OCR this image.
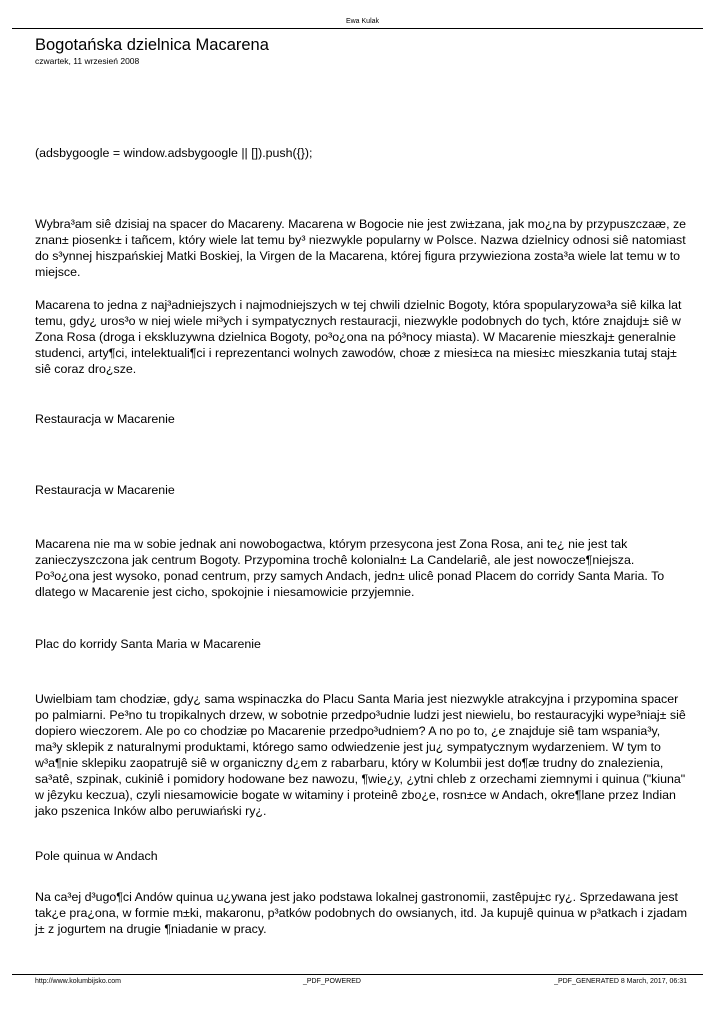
Ewa Kulak
Bogotańska dzielnica Macarena
czwartek, 11 wrzesień 2008

(adsbygoogle = window.adsbygoogle || []).push({});

Wybra³am siê dzisiaj na spacer do Macareny. Macarena w Bogocie nie jest zwi±zana, jak mo¿na by przypuszczaæ, ze znan± piosenk± i tañcem, który wiele lat temu by³ niezwykle popularny w Polsce. Nazwa dzielnicy odnosi siê natomiast do s³ynnej hiszpańskiej Matki Boskiej, la Virgen de la Macarena, której figura przywieziona zosta³a wiele lat temu w to miejsce.

Macarena to jedna z naj³adniejszych i najmodniejszych w tej chwili dzielnic Bogoty, która spopularyzowa³a siê kilka lat temu, gdy¿ uros³o w niej wiele mi³ych i sympatycznych restauracji, niezwykle podobnych do tych, które znajduj± siê w Zona Rosa (droga i ekskluzywna dzielnica Bogoty, po³o¿ona na pó³nocy miasta). W Macarenie mieszkaj± generalnie studenci, arty¶ci, intelektuali¶ci i reprezentanci wolnych zawodów, choæ z miesi±ca na miesi±c mieszkania tutaj staj± siê coraz dro¿sze.

Restauracja w Macarenie

Restauracja w Macarenie

Macarena nie ma w sobie jednak ani nowobogactwa, którym przesycona jest Zona Rosa, ani te¿ nie jest tak zanieczyszczona jak centrum Bogoty. Przypomina trochê kolonialn± La Candelariê, ale jest nowocze¶niejsza. Po³o¿ona jest wysoko, ponad centrum, przy samych Andach, jedn± ulicê ponad Placem do corridy Santa Maria. To dlatego w Macarenie jest cicho, spokojnie i niesamowicie przyjemnie.

Plac do korridy Santa Maria w Macarenie

Uwielbiam tam chodziæ, gdy¿ sama wspinaczka do Placu Santa Maria jest niezwykle atrakcyjna i przypomina spacer po palmiarni. Pe³no tu tropikalnych drzew, w sobotnie przedpo³udnie ludzi jest niewielu, bo restauracyjki wype³niaj± siê dopiero wieczorem. Ale po co chodziæ po Macarenie przedpo³udniem? A no po to, ¿e znajduje siê tam wspania³y, ma³y sklepik z naturalnymi produktami, którego samo odwiedzenie jest ju¿ sympatycznym wydarzeniem. W tym to w³a¶nie sklepiku zaopatrujê siê w organiczny d¿em z rabarbaru, który w Kolumbii jest do¶æ trudny do znalezienia, sa³atê, szpinak, cukiniê i pomidory hodowane bez nawozu, ¶wie¿y, ¿ytni chleb z orzechami ziemnymi i quinua ("kiuna" w jêzyku keczua), czyli niesamowicie bogate w witaminy i proteinê zbo¿e, rosn±ce w Andach, okre¶lane przez Indian jako pszenica Inków albo peruwiański ry¿.

Pole quinua w Andach

Na ca³ej d³ugo¶ci Andów quinua u¿ywana jest jako podstawa lokalnej gastronomii, zastêpuj±c ry¿. Sprzedawana jest tak¿e pra¿ona, w formie m±ki, makaronu, p³atków podobnych do owsianych, itd. Ja kupujê quinua w p³atkach i zjadam j± z jogurtem na drugie ¶niadanie w pracy.

http://www.kolumbijsko.com	_PDF_POWERED	_PDF_GENERATED 8 March, 2017, 06:31
